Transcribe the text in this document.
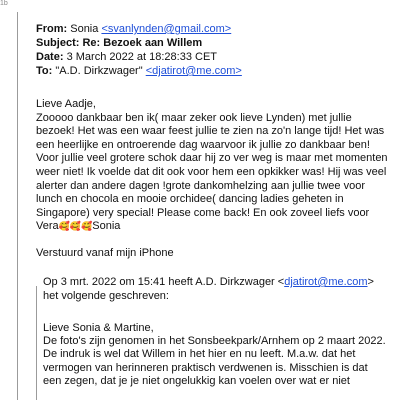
1b
From: Sonia <svanlynden@gmail.com>
Subject: Re: Bezoek aan Willem
Date: 3 March 2022 at 18:28:33 CET
To: "A.D. Dirkzwager" <djatirot@me.com>

Lieve Aadje,

Zooooo dankbaar ben ik( maar zeker ook lieve Lynden) met jullie bezoek! Het was een waar feest jullie te zien na zo'n lange tijd! Het was een heerlijke en ontroerende dag waarvoor ik jullie zo dankbaar ben! Voor jullie veel grotere schok daar hij zo ver weg is maar met momenten weer niet! Ik voelde dat dit ook voor hem een opkikker was! Hij was veel alerter dan andere dagen !grote dankomhelzing aan jullie twee voor lunch en chocola en mooie orchidee( dancing ladies geheten in Singapore) very special! Please come back! En ook zoveel liefs voor Vera🥰🥰🥰Sonia

Verstuurd vanaf mijn iPhone

Op 3 mrt. 2022 om 15:41 heeft A.D. Dirkzwager <djatirot@me.com>
het volgende geschreven:

Lieve Sonia & Martine,

De foto's zijn genomen in het Sonsbeekpark/Arnhem op 2 maart 2022.

De indruk is wel dat Willem in het hier en nu leeft. M.a.w. dat het vermogen van herinneren praktisch verdwenen is. Misschien is dat een zegen, dat je je niet ongelukkig kan voelen over wat er niet
